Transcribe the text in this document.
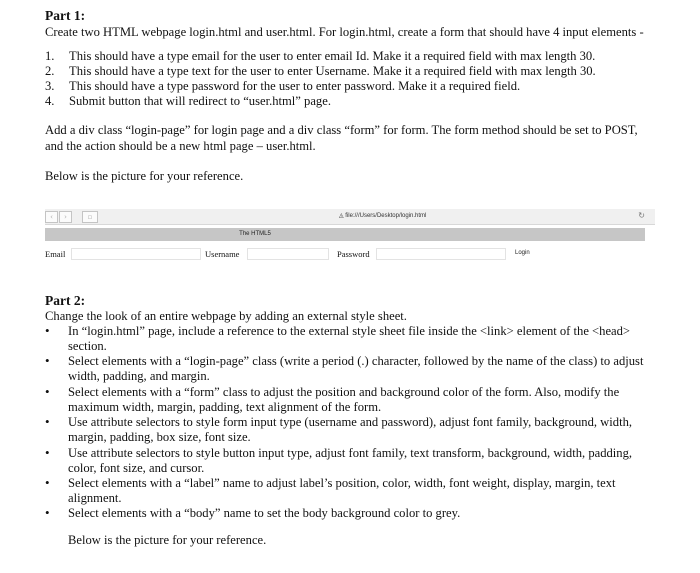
Part 1:

Create two HTML webpage login.html and user.html. For login.html, create a form that should have 4 input elements -

1. This should have a type email for the user to enter email Id. Make it a required field with max length 30.
2. This should have a type text for the user to enter Username. Make it a required field with max length 30.
3. This should have a type password for the user to enter password. Make it a required field.
4. Submit button that will redirect to “user.html” page.

Add a div class “login-page” for login page and a div class “form” for form. The form method should be set to POST, and the action should be a new html page – user.html.

Below is the picture for your reference.

‹	›	▫	◬ file:///Users/Desktop/login.html	↻
The HTML5
Email	Username	Password	Login

Part 2:

Change the look of an entire webpage by adding an external style sheet.

• In “login.html” page, include a reference to the external style sheet file inside the <link> element of the <head> section.
• Select elements with a “login-page” class (write a period (.) character, followed by the name of the class) to adjust width, padding, and margin.
• Select elements with a “form” class to adjust the position and background color of the form. Also, modify the maximum width, margin, padding, text alignment of the form.
• Use attribute selectors to style form input type (username and password), adjust font family, background, width, margin, padding, box size, font size.
• Use attribute selectors to style button input type, adjust font family, text transform, background, width, padding, color, font size, and cursor.
• Select elements with a “label” name to adjust label’s position, color, width, font weight, display, margin, text alignment.
• Select elements with a “body” name to set the body background color to grey.

Below is the picture for your reference.
